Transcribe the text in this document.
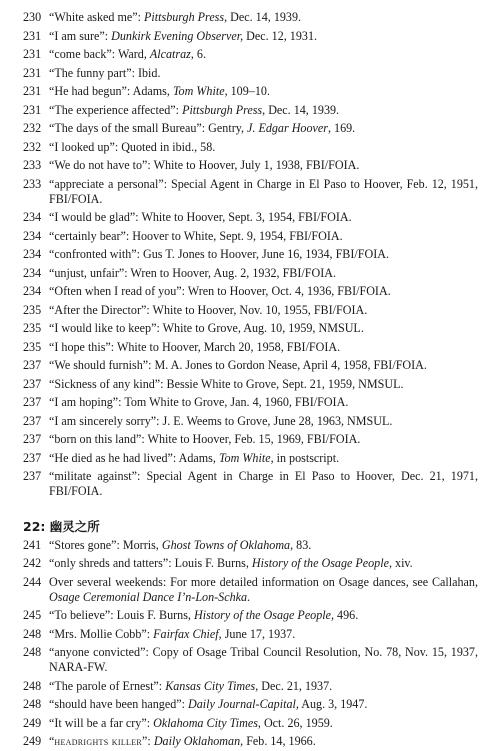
230 “White asked me”: Pittsburgh Press, Dec. 14, 1939.
231 “I am sure”: Dunkirk Evening Observer, Dec. 12, 1931.
231 “come back”: Ward, Alcatraz, 6.
231 “The funny part”: Ibid.
231 “He had begun”: Adams, Tom White, 109–10.
231 “The experience affected”: Pittsburgh Press, Dec. 14, 1939.
232 “The days of the small Bureau”: Gentry, J. Edgar Hoover, 169.
232 “I looked up”: Quoted in ibid., 58.
233 “We do not have to”: White to Hoover, July 1, 1938, FBI/FOIA.
233 “appreciate a personal”: Special Agent in Charge in El Paso to Hoover, Feb. 12, 1951, FBI/FOIA.
234 “I would be glad”: White to Hoover, Sept. 3, 1954, FBI/FOIA.
234 “certainly bear”: Hoover to White, Sept. 9, 1954, FBI/FOIA.
234 “confronted with”: Gus T. Jones to Hoover, June 16, 1934, FBI/FOIA.
234 “unjust, unfair”: Wren to Hoover, Aug. 2, 1932, FBI/FOIA.
234 “Often when I read of you”: Wren to Hoover, Oct. 4, 1936, FBI/FOIA.
235 “After the Director”: White to Hoover, Nov. 10, 1955, FBI/FOIA.
235 “I would like to keep”: White to Grove, Aug. 10, 1959, NMSUL.
235 “I hope this”: White to Hoover, March 20, 1958, FBI/FOIA.
237 “We should furnish”: M. A. Jones to Gordon Nease, April 4, 1958, FBI/FOIA.
237 “Sickness of any kind”: Bessie White to Grove, Sept. 21, 1959, NMSUL.
237 “I am hoping”: Tom White to Grove, Jan. 4, 1960, FBI/FOIA.
237 “I am sincerely sorry”: J. E. Weems to Grove, June 28, 1963, NMSUL.
237 “born on this land”: White to Hoover, Feb. 15, 1969, FBI/FOIA.
237 “He died as he had lived”: Adams, Tom White, in postscript.
237 “militate against”: Special Agent in Charge in El Paso to Hoover, Dec. 21, 1971, FBI/FOIA.
22: 幽灵之所
241 “Stores gone”: Morris, Ghost Towns of Oklahoma, 83.
242 “only shreds and tatters”: Louis F. Burns, History of the Osage People, xiv.
244 Over several weekends: For more detailed information on Osage dances, see Callahan, Osage Ceremonial Dance I’n-Lon-Schka.
245 “To believe”: Louis F. Burns, History of the Osage People, 496.
248 “Mrs. Mollie Cobb”: Fairfax Chief, June 17, 1937.
248 “anyone convicted”: Copy of Osage Tribal Council Resolution, No. 78, Nov. 15, 1937, NARA-FW.
248 “The parole of Ernest”: Kansas City Times, Dec. 21, 1937.
248 “should have been hanged”: Daily Journal-Capital, Aug. 3, 1947.
249 “It will be a far cry”: Oklahoma City Times, Oct. 26, 1959.
249 “headrights killer”: Daily Oklahoman, Feb. 14, 1966.
